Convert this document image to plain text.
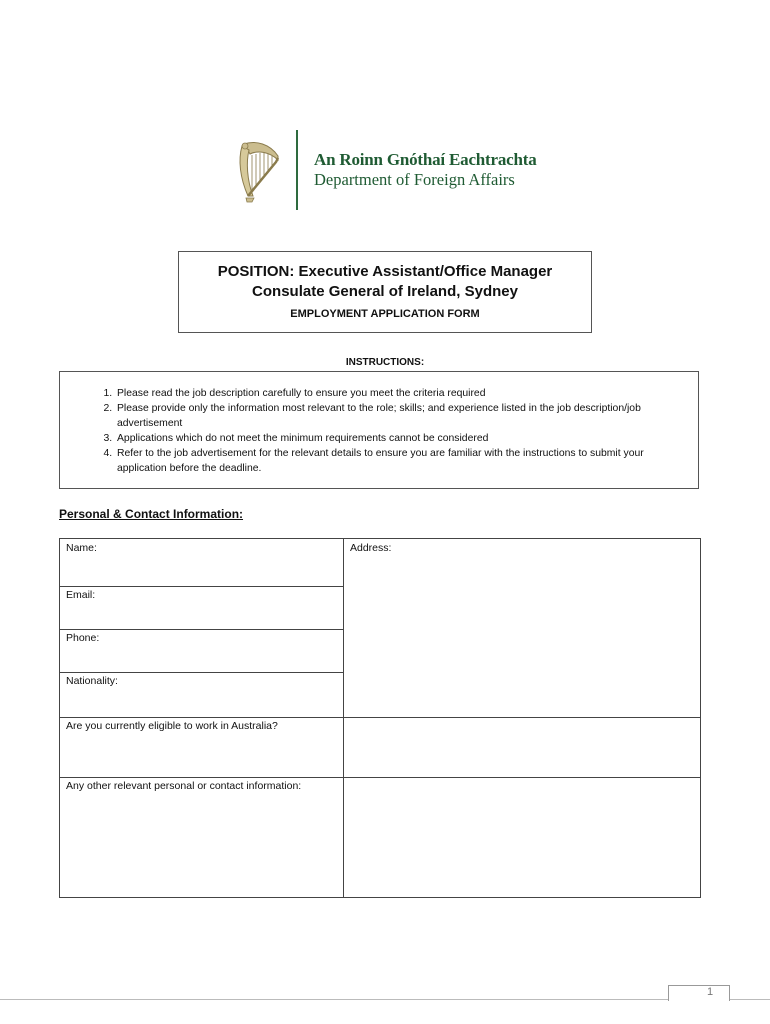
An Roinn Gnóthaí Eachtrachta
Department of Foreign Affairs
POSITION: Executive Assistant/Office Manager
Consulate General of Ireland, Sydney
EMPLOYMENT APPLICATION FORM
INSTRUCTIONS:
1. Please read the job description carefully to ensure you meet the criteria required
2. Please provide only the information most relevant to the role; skills; and experience listed in the job description/job advertisement
3. Applications which do not meet the minimum requirements cannot be considered
4. Refer to the job advertisement for the relevant details to ensure you are familiar with the instructions to submit your application before the deadline.
Personal & Contact Information:
Name:
Email:
Phone:
Nationality:
Are you currently eligible to work in Australia?
Any other relevant personal or contact information:
Address:
1
